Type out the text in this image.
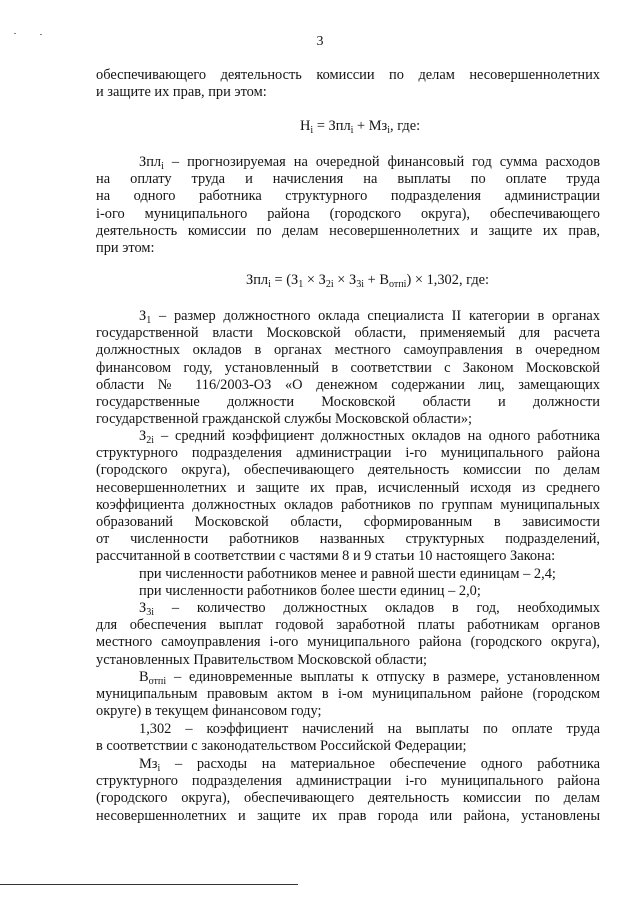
3

обеспечивающего деятельность комиссии по делам несовершеннолетних

и защите их прав, при этом:

$H_i = Зпл_i + Мз_i$, где:

Зпл$_i$ – прогнозируемая на очередной финансовый год сумма расходов

на оплату труда и начисления на выплаты по оплате труда

на одного работника структурного подразделения администрации

i-ого муниципального района (городского округа), обеспечивающего

деятельность комиссии по делам несовершеннолетних и защите их прав,

при этом:

$Зпл_i = (З_1 \times З_{2i} \times З_{3i} + В_{отпi}) \times 1,302$, где:

$З_1$ – размер должностного оклада специалиста II категории в органах

государственной власти Московской области, применяемый для расчета

должностных окладов в органах местного самоуправления в очередном

финансовом году, установленный в соответствии с Законом Московской

области № 116/2003-ОЗ «О денежном содержании лиц, замещающих

государственные должности Московской области и должности

государственной гражданской службы Московской области»;

$З_{2i}$ – средний коэффициент должностных окладов на одного работника

структурного подразделения администрации i-го муниципального района

(городского округа), обеспечивающего деятельность комиссии по делам

несовершеннолетних и защите их прав, исчисленный исходя из среднего

коэффициента должностных окладов работников по группам муниципальных

образований Московской области, сформированным в зависимости

от численности работников названных структурных подразделений,

рассчитанной в соответствии с частями 8 и 9 статьи 10 настоящего Закона:

при численности работников менее и равной шести единицам – 2,4;

при численности работников более шести единиц – 2,0;

$З_{3i}$ – количество должностных окладов в год, необходимых

для обеспечения выплат годовой заработной платы работникам органов

местного самоуправления i-ого муниципального района (городского округа),

установленных Правительством Московской области;

$В_{отпi}$ – единовременные выплаты к отпуску в размере, установленном

муниципальным правовым актом в i-ом муниципальном районе (городском

округе) в текущем финансовом году;

1,302 – коэффициент начислений на выплаты по оплате труда

в соответствии с законодательством Российской Федерации;

$Мз_i$ – расходы на материальное обеспечение одного работника

структурного подразделения администрации i-го муниципального района

(городского округа), обеспечивающего деятельность комиссии по делам

несовершеннолетних и защите их прав города или района, установлены
